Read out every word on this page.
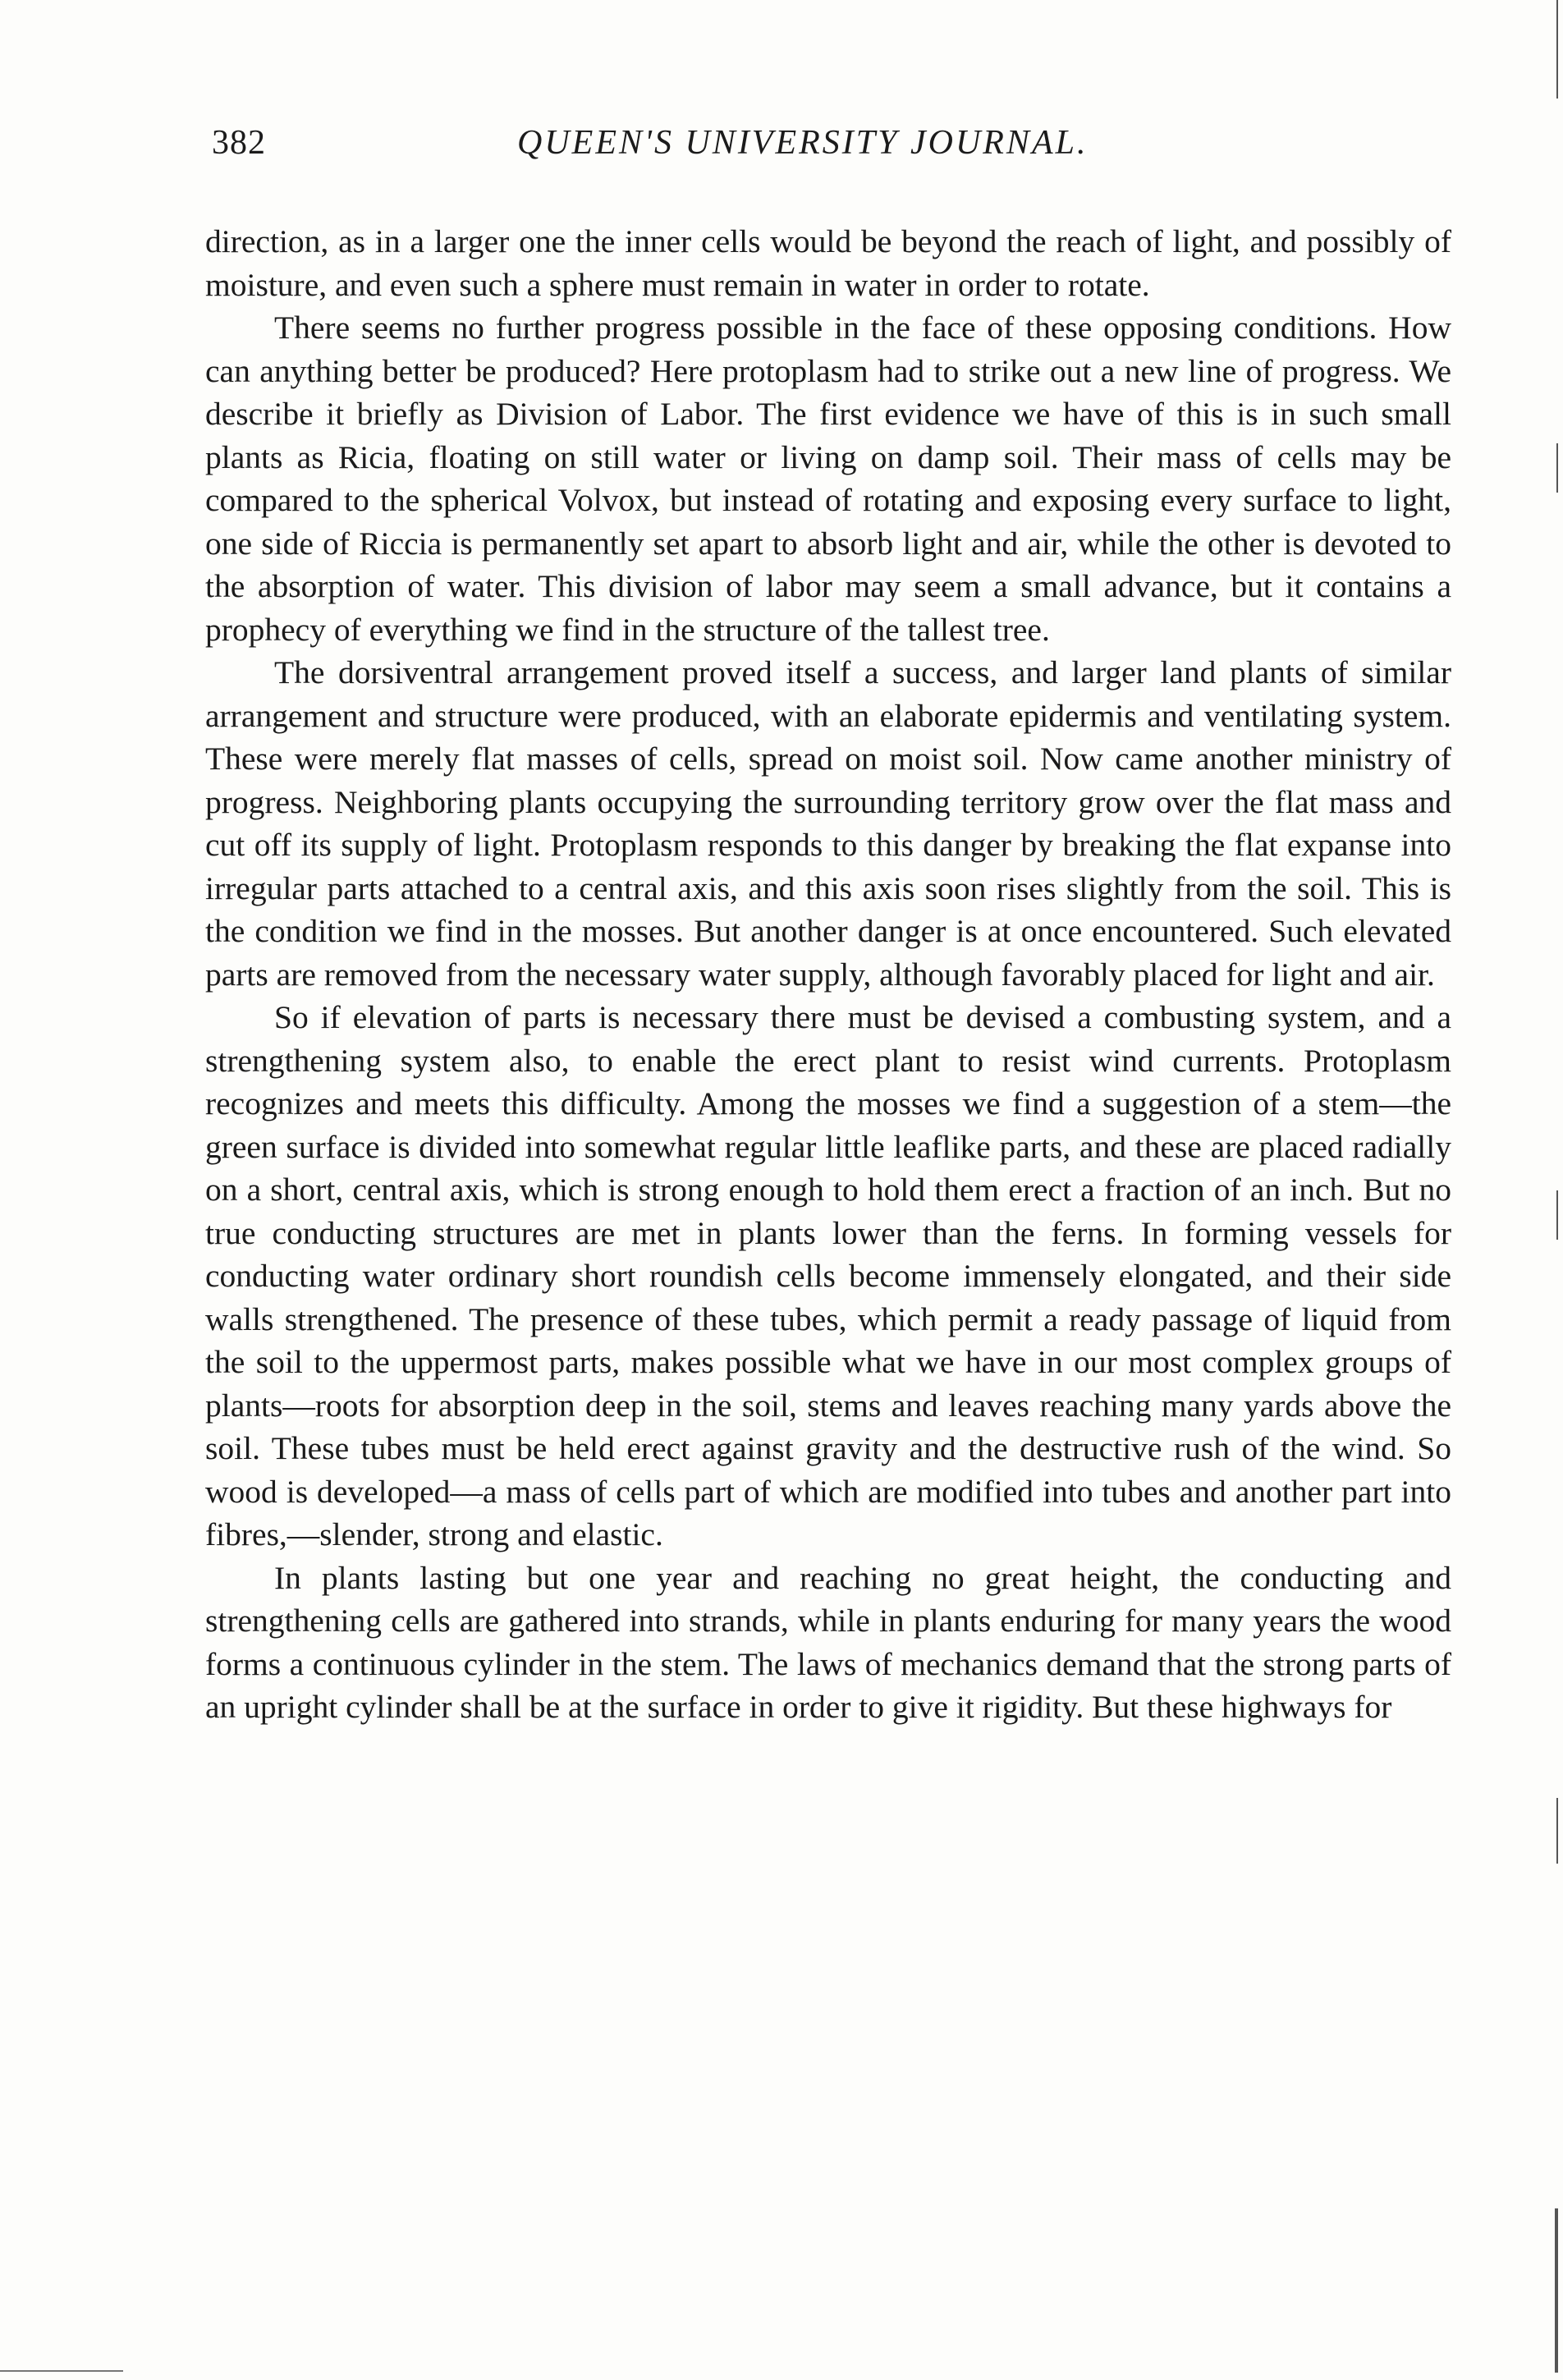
382	QUEEN'S UNIVERSITY JOURNAL.

direction, as in a larger one the inner cells would be beyond the reach of light, and possibly of moisture, and even such a sphere must remain in water in order to rotate.

There seems no further progress possible in the face of these opposing conditions. How can anything better be produced? Here protoplasm had to strike out a new line of progress. We describe it briefly as Division of Labor. The first evidence we have of this is in such small plants as Ricia, floating on still water or living on damp soil. Their mass of cells may be compared to the spherical Volvox, but instead of rotating and exposing every surface to light, one side of Riccia is permanently set apart to absorb light and air, while the other is devoted to the absorption of water. This division of labor may seem a small advance, but it contains a prophecy of everything we find in the structure of the tallest tree.

The dorsiventral arrangement proved itself a success, and larger land plants of similar arrangement and structure were produced, with an elaborate epidermis and ventilating system. These were merely flat masses of cells, spread on moist soil. Now came another ministry of progress. Neighboring plants occupying the surrounding territory grow over the flat mass and cut off its supply of light. Protoplasm responds to this danger by breaking the flat expanse into irregular parts attached to a central axis, and this axis soon rises slightly from the soil. This is the condition we find in the mosses. But another danger is at once encountered. Such elevated parts are removed from the necessary water supply, although favorably placed for light and air.

So if elevation of parts is necessary there must be devised a combusting system, and a strengthening system also, to enable the erect plant to resist wind currents. Protoplasm recognizes and meets this difficulty. Among the mosses we find a suggestion of a stem—the green surface is divided into somewhat regular little leaflike parts, and these are placed radially on a short, central axis, which is strong enough to hold them erect a fraction of an inch. But no true conducting structures are met in plants lower than the ferns. In forming vessels for conducting water ordinary short roundish cells become immensely elongated, and their side walls strengthened. The presence of these tubes, which permit a ready passage of liquid from the soil to the uppermost parts, makes possible what we have in our most complex groups of plants—roots for absorption deep in the soil, stems and leaves reaching many yards above the soil. These tubes must be held erect against gravity and the destructive rush of the wind. So wood is developed—a mass of cells part of which are modified into tubes and another part into fibres,—slender, strong and elastic.

In plants lasting but one year and reaching no great height, the conducting and strengthening cells are gathered into strands, while in plants enduring for many years the wood forms a continuous cylinder in the stem. The laws of mechanics demand that the strong parts of an upright cylinder shall be at the surface in order to give it rigidity. But these highways for
